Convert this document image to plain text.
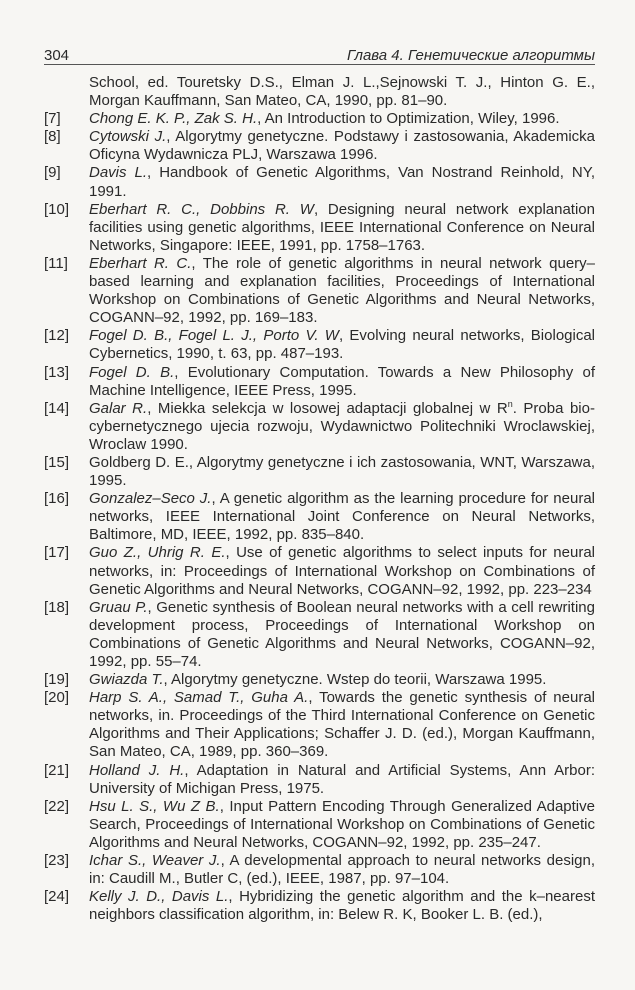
304	Глава 4. Генетические алгоритмы
School, ed. Touretsky D.S., Elman J. L.,Sejnowski T. J., Hinton G. E., Morgan Kauffmann, San Mateo, CA, 1990, pp. 81–90.
[7] Chong E. K. P., Zak S. H., An Introduction to Optimization, Wiley, 1996.
[8] Cytowski J., Algorytmy genetyczne. Podstawy i zastosowania, Akademicka Oficyna Wydawnicza PLJ, Warszawa 1996.
[9] Davis L., Handbook of Genetic Algorithms, Van Nostrand Reinhold, NY, 1991.
[10] Eberhart R. C., Dobbins R. W, Designing neural network explanation facilities using genetic algorithms, IEEE International Conference on Neural Networks, Singapore: IEEE, 1991, pp. 1758–1763.
[11] Eberhart R. C., The role of genetic algorithms in neural network query–based learning and explanation facilities, Proceedings of International Workshop on Combinations of Genetic Algorithms and Neural Networks, COGANN–92, 1992, pp. 169–183.
[12] Fogel D. B., Fogel L. J., Porto V. W, Evolving neural networks, Biological Cybernetics, 1990, t. 63, pp. 487–193.
[13] Fogel D. B., Evolutionary Computation. Towards a New Philosophy of Machine Intelligence, IEEE Press, 1995.
[14] Galar R., Miekka selekcja w losowej adaptacji globalnej w $R^n$. Proba biocybernetycznego ujecia rozwoju, Wydawnictwo Politechniki Wroclawskiej, Wroclaw 1990.
[15] Goldberg D. E., Algorytmy genetyczne i ich zastosowania, WNT, Warszawa, 1995.
[16] Gonzalez–Seco J., A genetic algorithm as the learning procedure for neural networks, IEEE International Joint Conference on Neural Networks, Baltimore, MD, IEEE, 1992, pp. 835–840.
[17] Guo Z., Uhrig R. E., Use of genetic algorithms to select inputs for neural networks, in: Proceedings of International Workshop on Combinations of Genetic Algorithms and Neural Networks, COGANN–92, 1992, pp. 223–234
[18] Gruau P., Genetic synthesis of Boolean neural networks with a cell rewriting development process, Proceedings of International Workshop on Combinations of Genetic Algorithms and Neural Networks, COGANN–92, 1992, pp. 55–74.
[19] Gwiazda T., Algorytmy genetyczne. Wstep do teorii, Warszawa 1995.
[20] Harp S. A., Samad T., Guha A., Towards the genetic synthesis of neural networks, in. Proceedings of the Third International Conference on Genetic Algorithms and Their Applications; Schaffer J. D. (ed.), Morgan Kauffmann, San Mateo, CA, 1989, pp. 360–369.
[21] Holland J. H., Adaptation in Natural and Artificial Systems, Ann Arbor: University of Michigan Press, 1975.
[22] Hsu L. S., Wu Z B., Input Pattern Encoding Through Generalized Adaptive Search, Proceedings of International Workshop on Combinations of Genetic Algorithms and Neural Networks, COGANN–92, 1992, pp. 235–247.
[23] Ichar S., Weaver J., A developmental approach to neural networks design, in: Caudill M., Butler C, (ed.), IEEE, 1987, pp. 97–104.
[24] Kelly J. D., Davis L., Hybridizing the genetic algorithm and the k–nearest neighbors classification algorithm, in: Belew R. K, Booker L. B. (ed.),
